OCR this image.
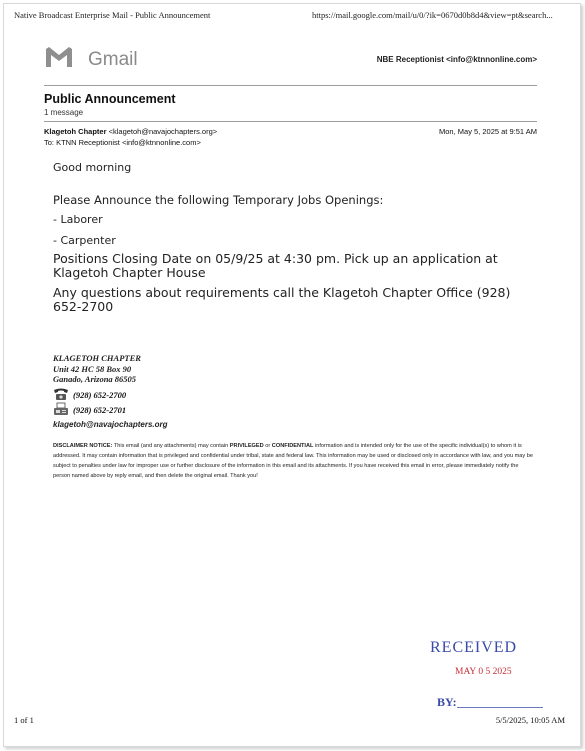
Native Broadcast Enterprise Mail - Public Announcement	https://mail.google.com/mail/u/0/?ik=0670d0b8d4&view=pt&search...
Gmail	NBE Receptionist <info@ktnnonline.com>
Public Announcement
1 message
Klagetoh Chapter <klagetoh@navajochapters.org>
To: KTNN Receptionist <info@ktnnonline.com>
Mon, May 5, 2025 at 9:51 AM
Good morning
Please Announce the following Temporary Jobs Openings:
- Laborer
- Carpenter
Positions Closing Date on 05/9/25 at 4:30 pm. Pick up an application at Klagetoh Chapter House
Any questions about requirements call the Klagetoh Chapter Office (928) 652-2700
KLAGETOH CHAPTER
Unit 42 HC 58 Box 90
Ganado, Arizona 86505
(928) 652-2700
(928) 652-2701
klagetoh@navajochapters.org
DISCLAIMER NOTICE: This email (and any attachments) may contain PRIVILEGED or CONFIDENTIAL information and is intended only for the use of the specific individual(s) to whom it is addressed. It may contain information that is privileged and confidential under tribal, state and federal law. This information may be used or disclosed only in accordance with law, and you may be subject to penalties under law for improper use or further disclosure of the information in this email and its attachments. If you have received this email in error, please immediately notify the person named above by reply email, and then delete the original email. Thank you!
RECEIVED
MAY 0 5 2025
BY:
1 of 1	5/5/2025, 10:05 AM
